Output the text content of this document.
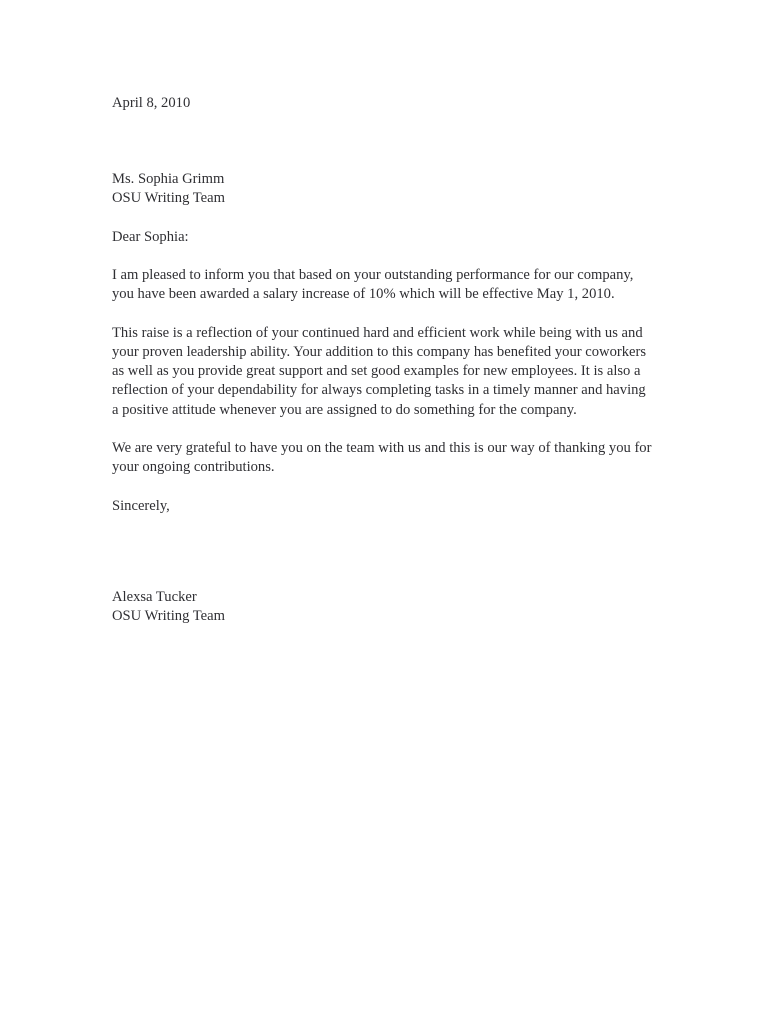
April 8, 2010

Ms. Sophia Grimm

OSU Writing Team

Dear Sophia:

I am pleased to inform you that based on your outstanding performance for our company, you have been awarded a salary increase of 10% which will be effective May 1, 2010.

This raise is a reflection of your continued hard and efficient work while being with us and your proven leadership ability. Your addition to this company has benefited your coworkers as well as you provide great support and set good examples for new employees. It is also a reflection of your dependability for always completing tasks in a timely manner and having a positive attitude whenever you are assigned to do something for the company.

We are very grateful to have you on the team with us and this is our way of thanking you for your ongoing contributions.

Sincerely,

Alexsa Tucker

OSU Writing Team
